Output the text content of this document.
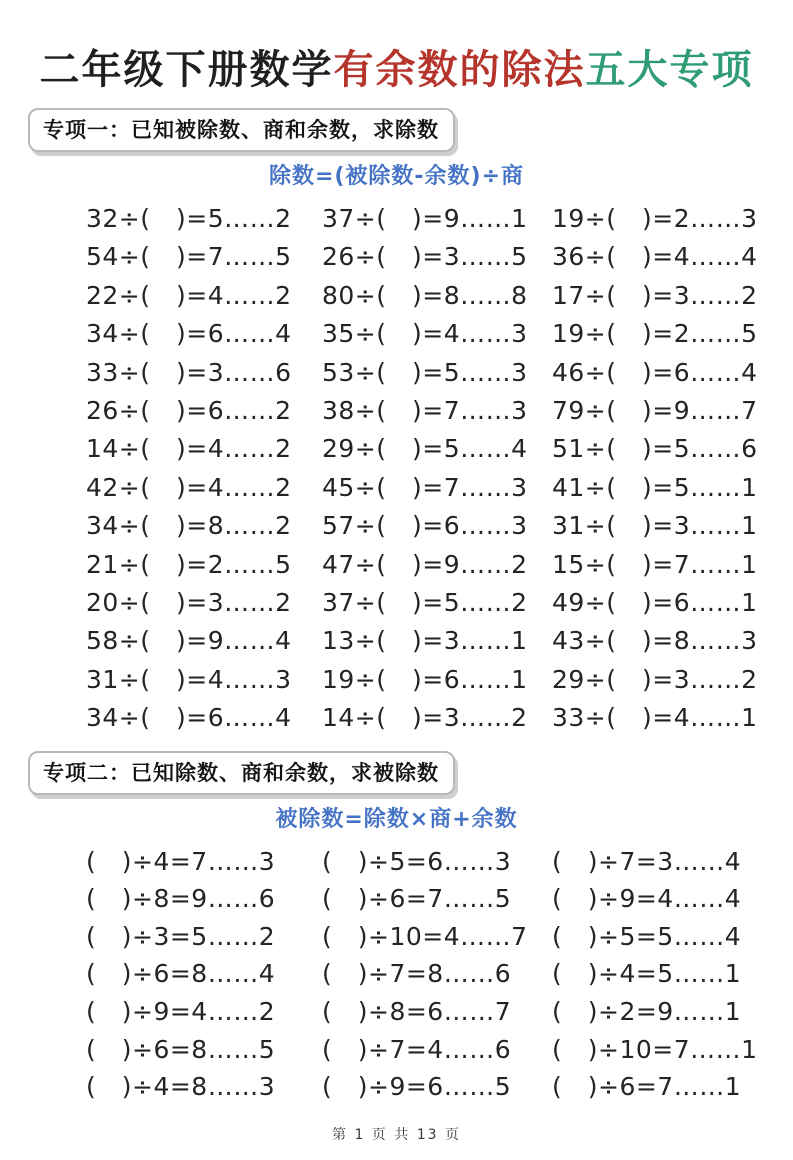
二年级下册数学有余数的除法五大专项
专项一：已知被除数、商和余数，求除数
除数=(被除数-余数)÷商
32÷(　)=5……2	37÷(　)=9……1 19÷(　)=2……3
54÷(　)=7……5	26÷(　)=3……5 36÷(　)=4……4
22÷(　)=4……2	80÷(　)=8……8 17÷(　)=3……2
34÷(　)=6……4	35÷(　)=4……3 19÷(　)=2……5
33÷(　)=3……6	53÷(　)=5……3 46÷(　)=6……4
26÷(　)=6……2	38÷(　)=7……3 79÷(　)=9……7
14÷(　)=4……2	29÷(　)=5……4 51÷(　)=5……6
42÷(　)=4……2	45÷(　)=7……3 41÷(　)=5……1
34÷(　)=8……2	57÷(　)=6……3 31÷(　)=3……1
21÷(　)=2……5	47÷(　)=9……2 15÷(　)=7……1
20÷(　)=3……2	37÷(　)=5……2 49÷(　)=6……1
58÷(　)=9……4	13÷(　)=3……1 43÷(　)=8……3
31÷(　)=4……3	19÷(　)=6……1 29÷(　)=3……2
34÷(　)=6……4	14÷(　)=3……2 33÷(　)=4……1
专项二：已知除数、商和余数，求被除数
被除数=除数×商+余数
(　)÷4=7……3	(　)÷5=6……3	(　)÷7=3……4
(　)÷8=9……6	(　)÷6=7……5	(　)÷9=4……4
(　)÷3=5……2	(　)÷10=4……7 (　)÷5=5……4
(　)÷6=8……4	(　)÷7=8……6	(　)÷4=5……1
(　)÷9=4……2	(　)÷8=6……7	(　)÷2=9……1
(　)÷6=8……5	(　)÷7=4……6	(　)÷10=7……1
(　)÷4=8……3	(　)÷9=6……5	(　)÷6=7……1
第 1 页 共 13 页
